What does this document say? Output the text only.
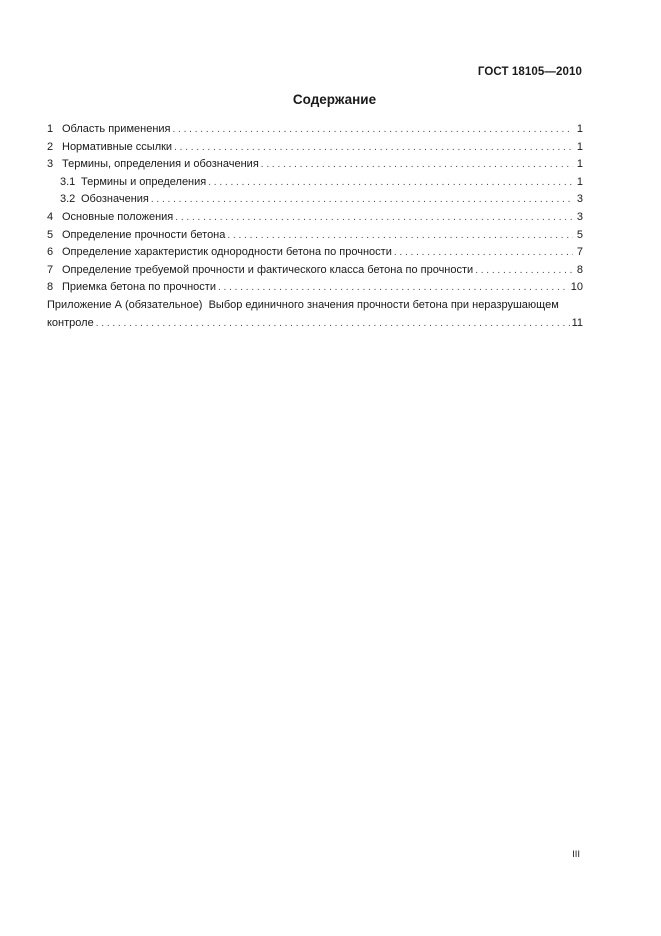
ГОСТ 18105—2010
Содержание
1 Область применения . . .	1
2 Нормативные ссылки . . .	1
3 Термины, определения и обозначения . . .	1
3.1 Термины и определения . . .	1
3.2 Обозначения . . .	3
4 Основные положения . . .	3
5 Определение прочности бетона . . .	5
6 Определение характеристик однородности бетона по прочности . . .	7
7 Определение требуемой прочности и фактического класса бетона по прочности . . .	8
8 Приемка бетона по прочности . . .	10
Приложение А (обязательное)  Выбор единичного значения прочности бетона при неразрушающем
контроле . . .	11
III
